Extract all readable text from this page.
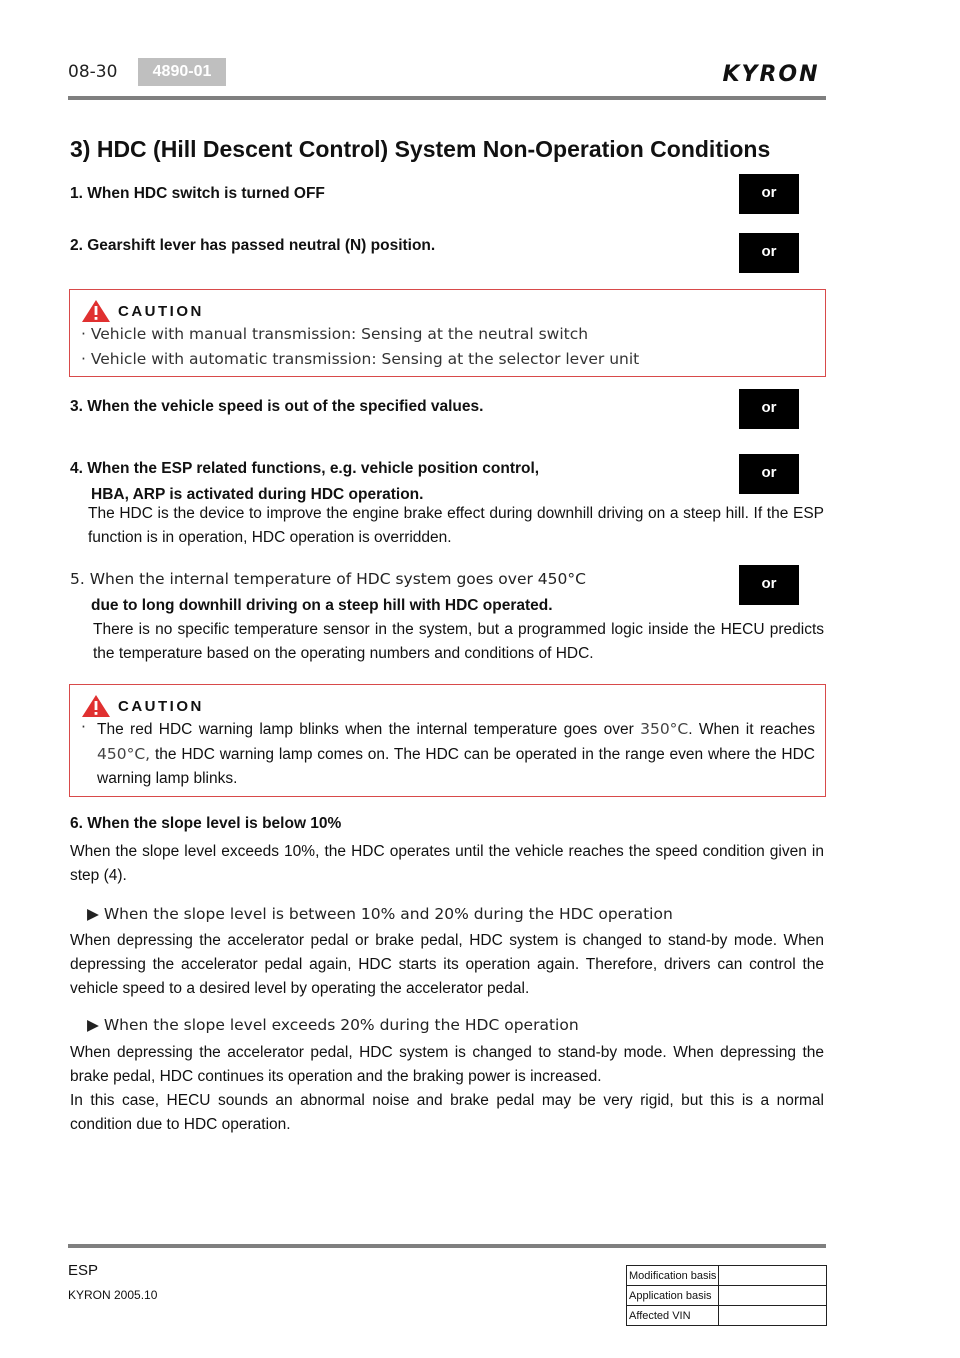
08-30	4890-01	KYRON
3) HDC (Hill Descent Control) System Non-Operation Conditions
1. When HDC switch is turned OFF	or
2. Gearshift lever has passed neutral (N) position.	or
CAUTION
· Vehicle with manual transmission: Sensing at the neutral switch
· Vehicle with automatic transmission: Sensing at the selector lever unit
3. When the vehicle speed is out of the specified values.	or
4. When the ESP related functions, e.g. vehicle position control,
HBA, ARP is activated during HDC operation.
or
The HDC is the device to improve the engine brake effect during downhill driving on a steep hill. If the ESP function is in operation, HDC operation is overridden.
5. When the internal temperature of HDC system goes over 450°C
due to long downhill driving on a steep hill with HDC operated.
or
There is no specific temperature sensor in the system, but a programmed logic inside the HECU predicts the temperature based on the operating numbers and conditions of HDC.
CAUTION
· The red HDC warning lamp blinks when the internal temperature goes over 350°C. When it reaches 450°C, the HDC warning lamp comes on. The HDC can be operated in the range even where the HDC warning lamp blinks.
6. When the slope level is below 10%
When the slope level exceeds 10%, the HDC operates until the vehicle reaches the speed condition given in step (4).
▶ When the slope level is between 10% and 20% during the HDC operation
When depressing the accelerator pedal or brake pedal, HDC system is changed to stand-by mode. When depressing the accelerator pedal again, HDC starts its operation again. Therefore, drivers can control the vehicle speed to a desired level by operating the accelerator pedal.
▶ When the slope level exceeds 20% during the HDC operation
When depressing the accelerator pedal, HDC system is changed to stand-by mode. When depressing the brake pedal, HDC continues its operation and the braking power is increased.
In this case, HECU sounds an abnormal noise and brake pedal may be very rigid, but this is a normal condition due to HDC operation.
ESP
KYRON 2005.10
Modification basis	
Application basis	
Affected VIN	
